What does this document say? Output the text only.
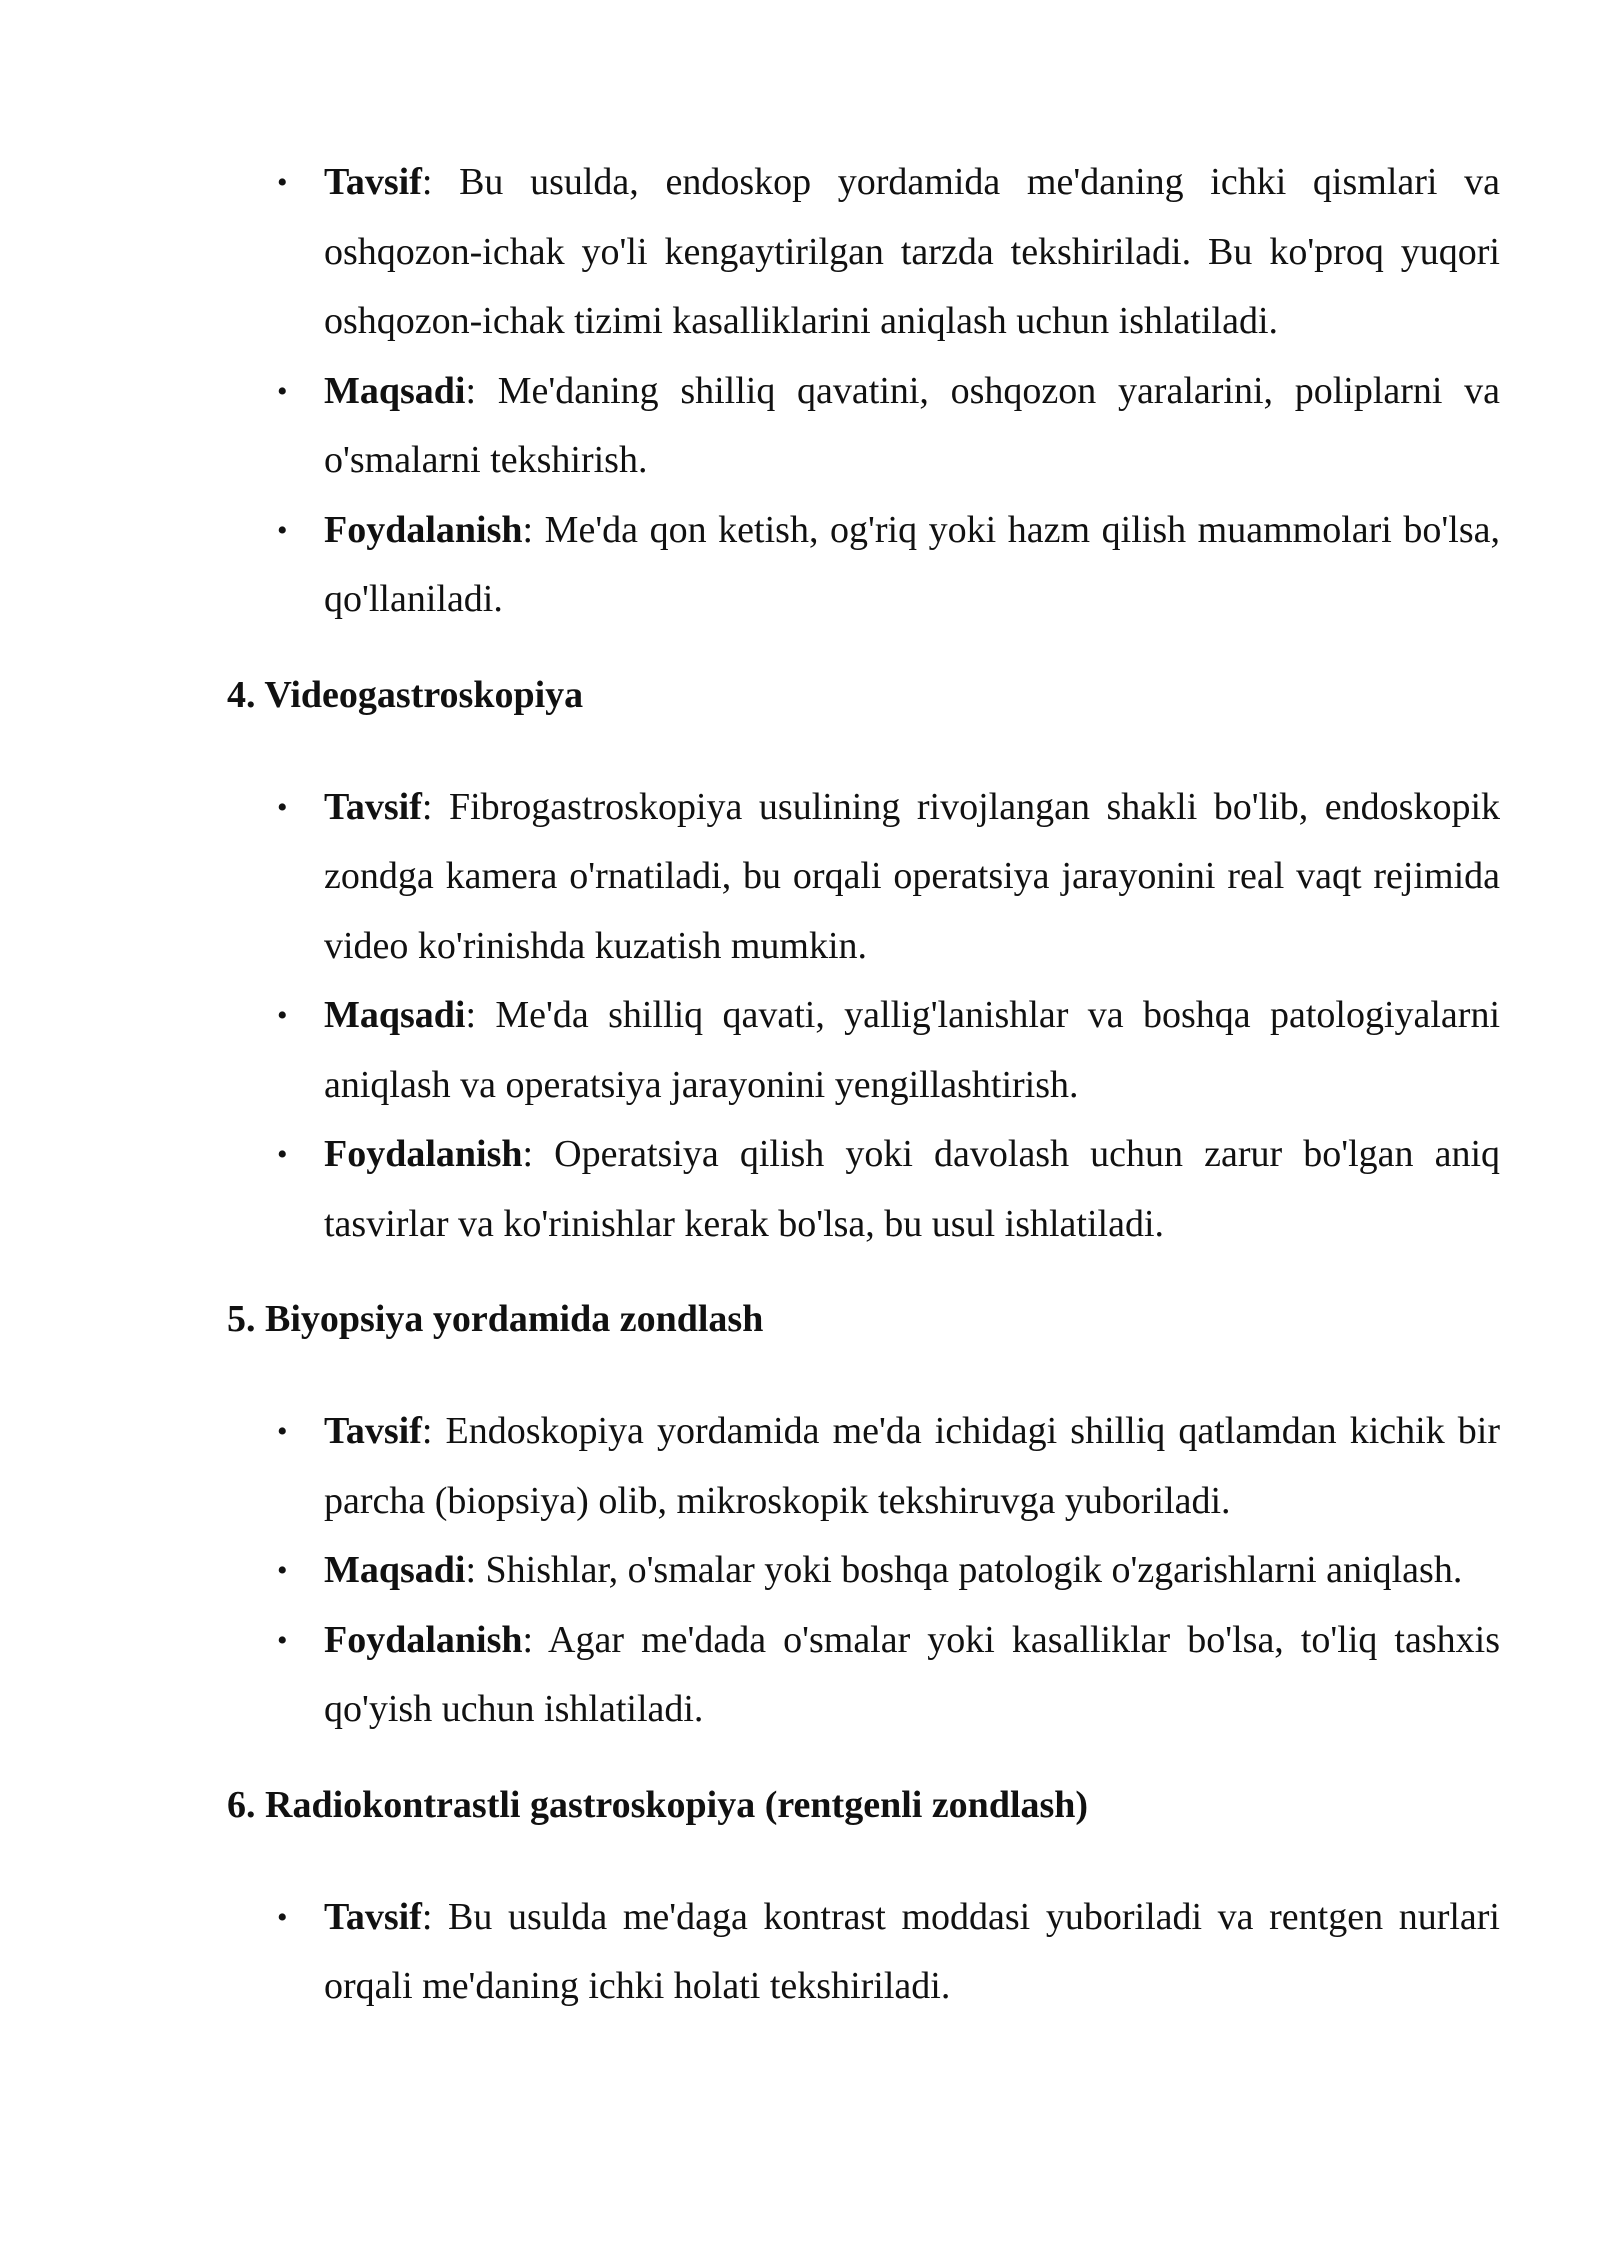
• Tavsif: Bu usulda, endoskop yordamida me'daning ichki qismlari va oshqozon-ichak yo'li kengaytirilgan tarzda tekshiriladi. Bu ko'proq yuqori oshqozon-ichak tizimi kasalliklarini aniqlash uchun ishlatiladi.
• Maqsadi: Me'daning shilliq qavatini, oshqozon yaralarini, poliplarni va o'smalarni tekshirish.
• Foydalanish: Me'da qon ketish, og'riq yoki hazm qilish muammolari bo'lsa, qo'llaniladi.
4. Videogastroskopiya
• Tavsif: Fibrogastroskopiya usulining rivojlangan shakli bo'lib, endoskopik zondga kamera o'rnatiladi, bu orqali operatsiya jarayonini real vaqt rejimida video ko'rinishda kuzatish mumkin.
• Maqsadi: Me'da shilliq qavati, yallig'lanishlar va boshqa patologiyalarni aniqlash va operatsiya jarayonini yengillashtirish.
• Foydalanish: Operatsiya qilish yoki davolash uchun zarur bo'lgan aniq tasvirlar va ko'rinishlar kerak bo'lsa, bu usul ishlatiladi.
5. Biyopsiya yordamida zondlash
• Tavsif: Endoskopiya yordamida me'da ichidagi shilliq qatlamdan kichik bir parcha (biopsiya) olib, mikroskopik tekshiruvga yuboriladi.
• Maqsadi: Shishlar, o'smalar yoki boshqa patologik o'zgarishlarni aniqlash.
• Foydalanish: Agar me'dada o'smalar yoki kasalliklar bo'lsa, to'liq tashxis qo'yish uchun ishlatiladi.
6. Radiokontrastli gastroskopiya (rentgenli zondlash)
• Tavsif: Bu usulda me'daga kontrast moddasi yuboriladi va rentgen nurlari orqali me'daning ichki holati tekshiriladi.
